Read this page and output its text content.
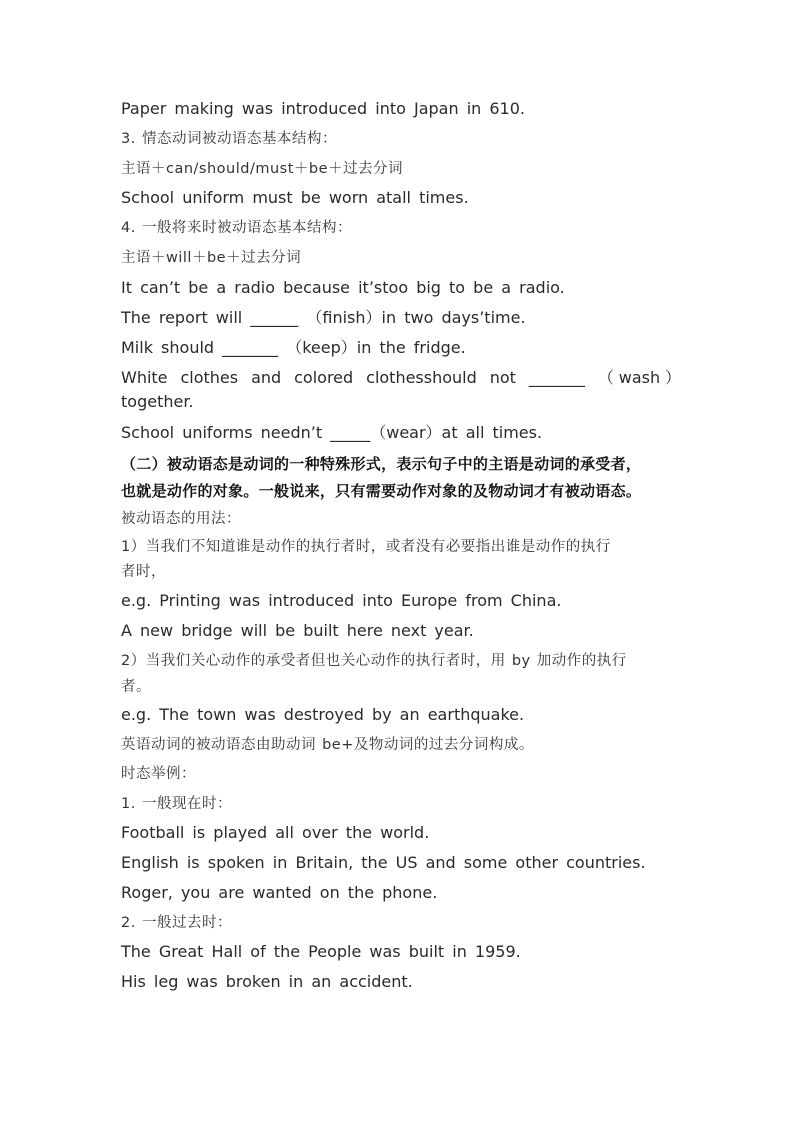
Paper making was introduced into Japan in 610.
3. 情态动词被动语态基本结构：
主语＋can/should/must＋be＋过去分词
School uniform must be worn atall times.
4. 一般将来时被动语态基本结构：
主语＋will＋be＋过去分词
It can’t be a radio because it’stoo big to be a radio.
The report will ______ （finish）in two days’time.
Milk should _______ （keep）in the fridge.
White clothes and colored clothesshould not _______ （wash）
together.
School uniforms needn’t _____（wear）at all times.
（二）被动语态是动词的一种特殊形式，表示句子中的主语是动词的承受者，
也就是动作的对象。一般说来，只有需要动作对象的及物动词才有被动语态。
被动语态的用法：
1）当我们不知道谁是动作的执行者时，或者没有必要指出谁是动作的执行
者时，
e.g. Printing was introduced into Europe from China.
A new bridge will be built here next year.
2）当我们关心动作的承受者但也关心动作的执行者时，用 by 加动作的执行
者。
e.g. The town was destroyed by an earthquake.
英语动词的被动语态由助动词 be+及物动词的过去分词构成。
时态举例：
1. 一般现在时：
Football is played all over the world.
English is spoken in Britain, the US and some other countries.
Roger, you are wanted on the phone.
2. 一般过去时：
The Great Hall of the People was built in 1959.
His leg was broken in an accident.
